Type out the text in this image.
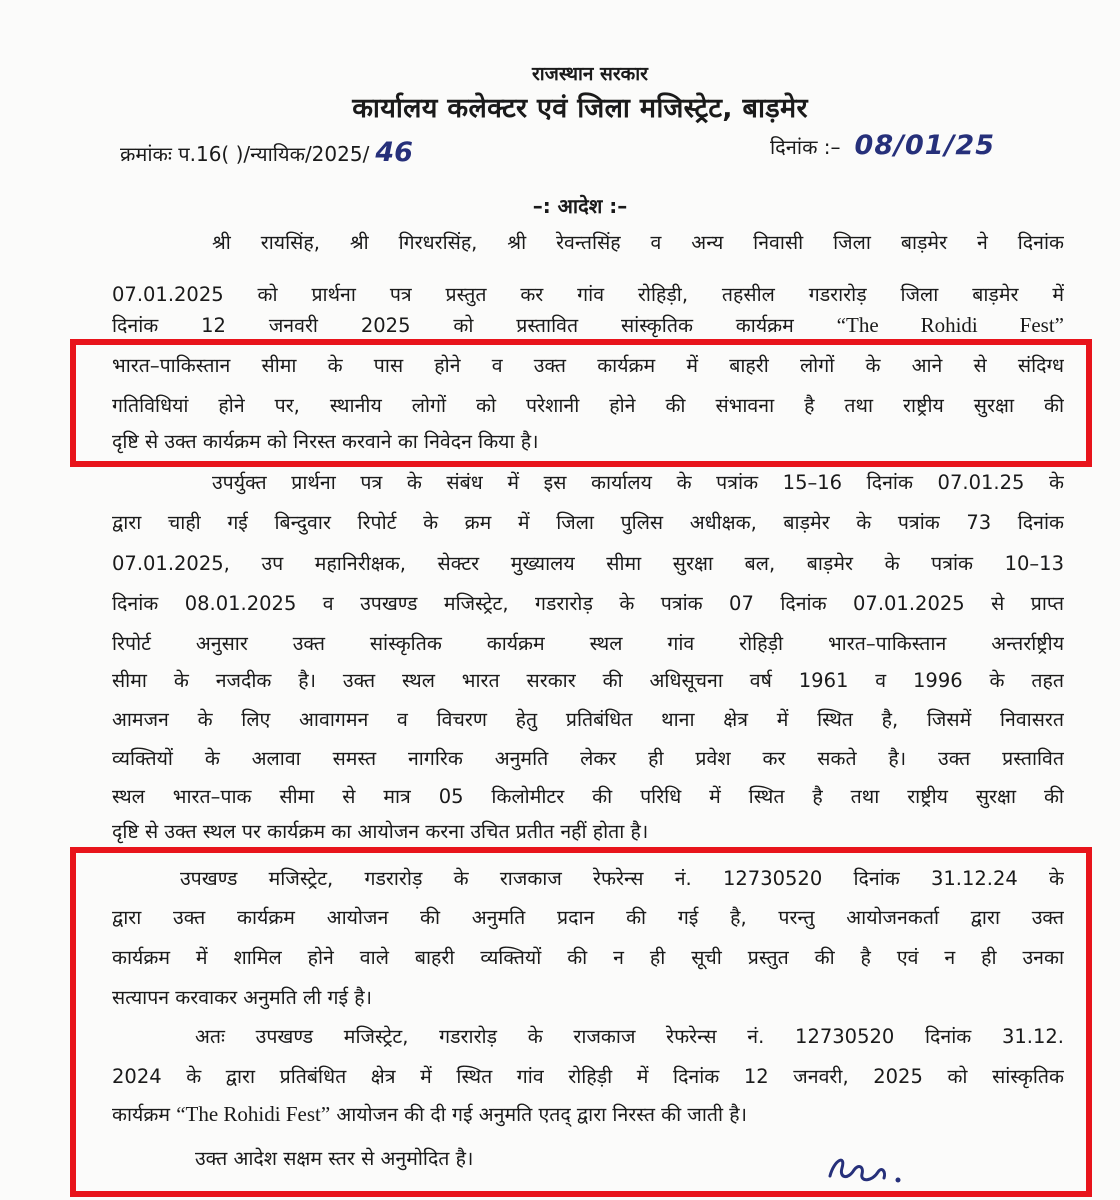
राजस्थान सरकार
कार्यालय कलेक्टर एवं जिला मजिस्ट्रेट, बाड़मेर
क्रमांकः प.16( )/न्यायिक/2025/ 46	दिनांक :– 08/01/25
–: आदेश :–
श्री रायसिंह, श्री गिरधरसिंह, श्री रेवन्तसिंह व अन्य निवासी जिला बाड़मेर ने दिनांक
07.01.2025 को प्रार्थना पत्र प्रस्तुत कर गांव रोहिड़ी, तहसील गडरारोड़ जिला बाड़मेर में
दिनांक 12 जनवरी 2025 को प्रस्तावित सांस्कृतिक कार्यक्रम “The Rohidi Fest”
भारत–पाकिस्तान सीमा के पास होने व उक्त कार्यक्रम में बाहरी लोगों के आने से संदिग्ध
गतिविधियां होने पर, स्थानीय लोगों को परेशानी होने की संभावना है तथा राष्ट्रीय सुरक्षा की
दृष्टि से उक्त कार्यक्रम को निरस्त करवाने का निवेदन किया है।
उपर्युक्त प्रार्थना पत्र के संबंध में इस कार्यालय के पत्रांक 15–16 दिनांक 07.01.25 के
द्वारा चाही गई बिन्दुवार रिपोर्ट के क्रम में जिला पुलिस अधीक्षक, बाड़मेर के पत्रांक 73 दिनांक
07.01.2025, उप महानिरीक्षक, सेक्टर मुख्यालय सीमा सुरक्षा बल, बाड़मेर के पत्रांक 10–13
दिनांक 08.01.2025 व उपखण्ड मजिस्ट्रेट, गडरारोड़ के पत्रांक 07 दिनांक 07.01.2025 से प्राप्त
रिपोर्ट अनुसार उक्त सांस्कृतिक कार्यक्रम स्थल गांव रोहिड़ी भारत–पाकिस्तान अन्तर्राष्ट्रीय
सीमा के नजदीक है। उक्त स्थल भारत सरकार की अधिसूचना वर्ष 1961 व 1996 के तहत
आमजन के लिए आवागमन व विचरण हेतु प्रतिबंधित थाना क्षेत्र में स्थित है, जिसमें निवासरत
व्यक्तियों के अलावा समस्त नागरिक अनुमति लेकर ही प्रवेश कर सकते है। उक्त प्रस्तावित
स्थल भारत–पाक सीमा से मात्र 05 किलोमीटर की परिधि में स्थित है तथा राष्ट्रीय सुरक्षा की
दृष्टि से उक्त स्थल पर कार्यक्रम का आयोजन करना उचित प्रतीत नहीं होता है।
उपखण्ड मजिस्ट्रेट, गडरारोड़ के राजकाज रेफरेन्स नं. 12730520 दिनांक 31.12.24 के
द्वारा उक्त कार्यक्रम आयोजन की अनुमति प्रदान की गई है, परन्तु आयोजनकर्ता द्वारा उक्त
कार्यक्रम में शामिल होने वाले बाहरी व्यक्तियों की न ही सूची प्रस्तुत की है एवं न ही उनका
सत्यापन करवाकर अनुमति ली गई है।
अतः उपखण्ड मजिस्ट्रेट, गडरारोड़ के राजकाज रेफरेन्स नं. 12730520 दिनांक 31.12.
2024 के द्वारा प्रतिबंधित क्षेत्र में स्थित गांव रोहिड़ी में दिनांक 12 जनवरी, 2025 को सांस्कृतिक
कार्यक्रम “The Rohidi Fest” आयोजन की दी गई अनुमति एतद् द्वारा निरस्त की जाती है।
उक्त आदेश सक्षम स्तर से अनुमोदित है।
